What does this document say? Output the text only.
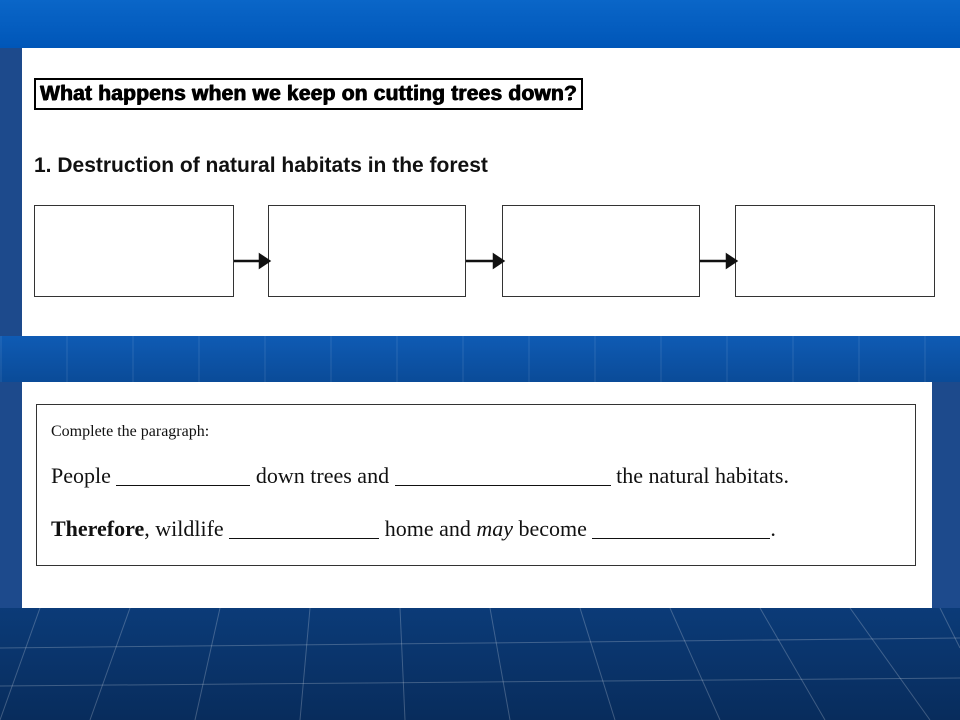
What happens when we keep on cutting trees down?
1. Destruction of natural habitats in the forest
Complete the paragraph:
People	down trees and	the natural habitats.
Therefore, wildlife	home and may become	.
